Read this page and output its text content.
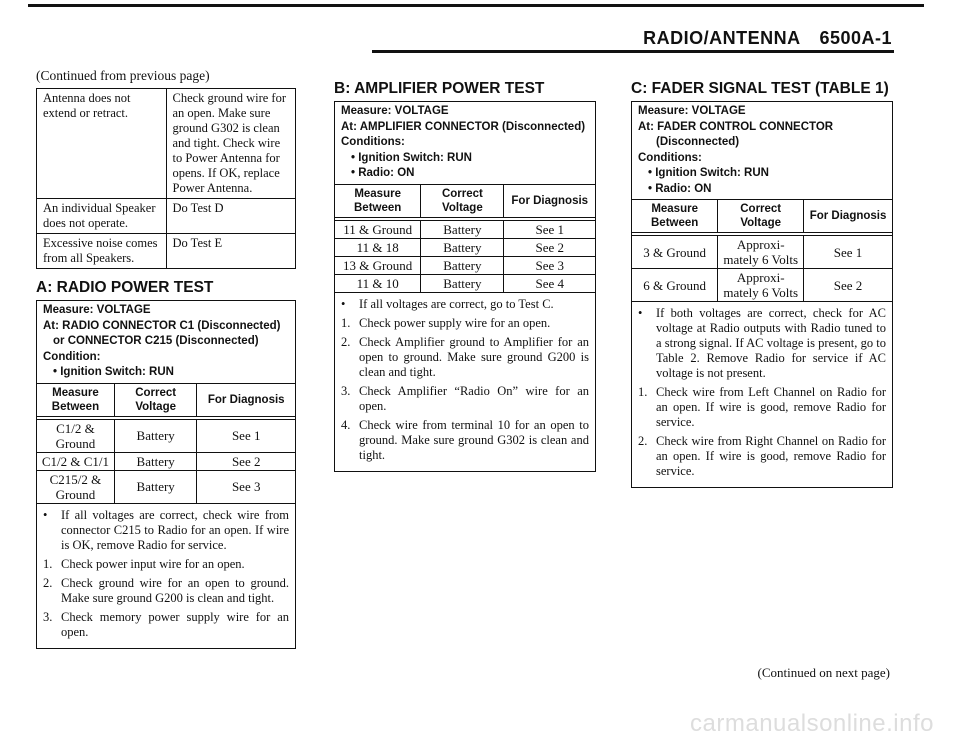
RADIO/ANTENNA 6500A-1
(Continued from previous page)
Antenna does not extend or retract.	Check ground wire for an open. Make sure ground G302 is clean and tight. Check wire to Power Antenna for opens. If OK, replace Power Antenna.
An individual Speaker does not operate.	Do Test D
Excessive noise comes from all Speakers.	Do Test E
A: RADIO POWER TEST
Measure: VOLTAGE
At: RADIO CONNECTOR C1 (Disconnected)
or CONNECTOR C215 (Disconnected)
Condition:
• Ignition Switch: RUN
Measure Between	Correct Voltage	For Diagnosis
C1/2 & Ground	Battery	See 1
C1/2 & C1/1	Battery	See 2
C215/2 & Ground	Battery	See 3
•	If all voltages are correct, check wire from connector C215 to Radio for an open. If wire is OK, remove Radio for service.
1. Check power input wire for an open.
2. Check ground wire for an open to ground. Make sure ground G200 is clean and tight.
3. Check memory power supply wire for an open.
B: AMPLIFIER POWER TEST
Measure: VOLTAGE
At: AMPLIFIER CONNECTOR (Disconnected)
Conditions:
• Ignition Switch: RUN
• Radio: ON
Measure Between	Correct Voltage	For Diagnosis
11 & Ground	Battery	See 1
11 & 18	Battery	See 2
13 & Ground	Battery	See 3
11 & 10	Battery	See 4
•	If all voltages are correct, go to Test C.
1. Check power supply wire for an open.
2. Check Amplifier ground to Amplifier for an open to ground. Make sure ground G200 is clean and tight.
3. Check Amplifier “Radio On” wire for an open.
4. Check wire from terminal 10 for an open to ground. Make sure ground G302 is clean and tight.
C: FADER SIGNAL TEST (TABLE 1)
Measure: VOLTAGE
At: FADER CONTROL CONNECTOR
(Disconnected)
Conditions:
• Ignition Switch: RUN
• Radio: ON
Measure Between	Correct Voltage	For Diagnosis
3 & Ground	Approxi- mately 6 Volts	See 1
6 & Ground	Approxi- mately 6 Volts	See 2
•	If both voltages are correct, check for AC voltage at Radio outputs with Radio tuned to a strong signal. If AC voltage is present, go to Table 2. Remove Radio for service if AC voltage is not present.
1. Check wire from Left Channel on Radio for an open. If wire is good, remove Radio for service.
2. Check wire from Right Channel on Radio for an open. If wire is good, remove Radio for service.
(Continued on next page)
carmanualsonline.info
